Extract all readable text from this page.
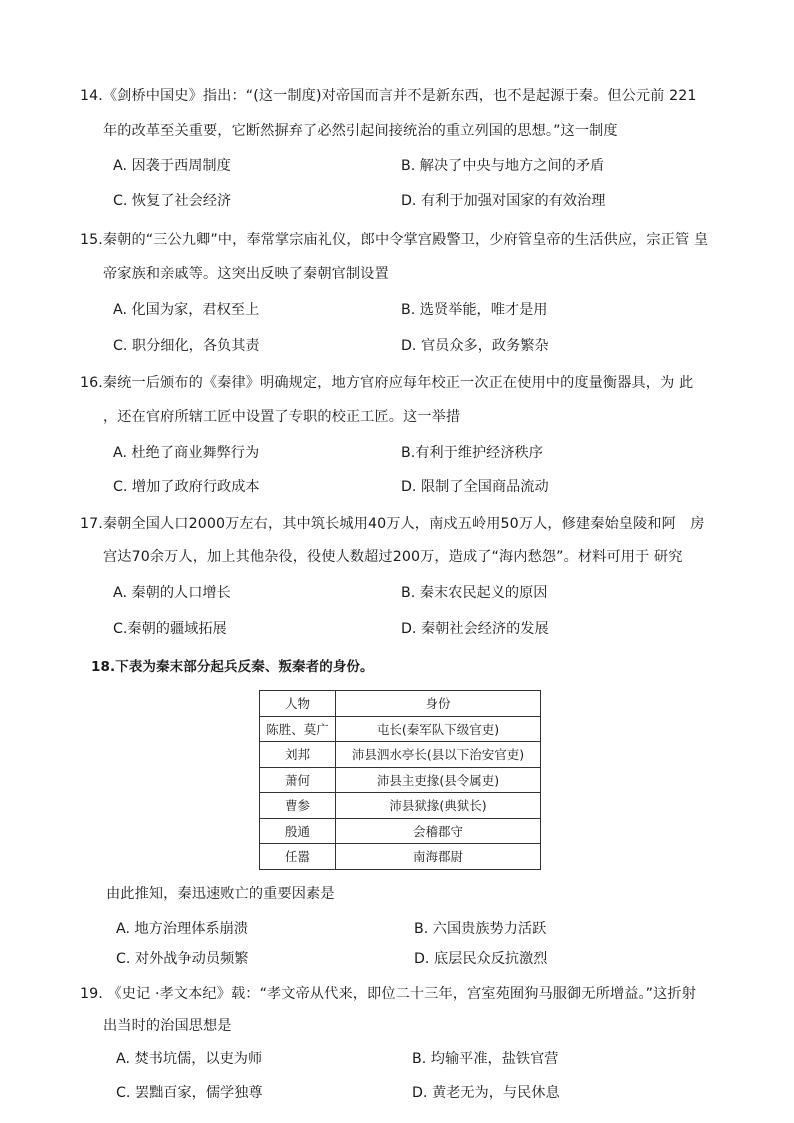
14.《剑桥中国史》指出：“(这一制度)对帝国而言并不是新东西，也不是起源于秦。但公元前 221
年的改革至关重要，它断然摒弃了必然引起间接统治的重立列国的思想。”这一制度
A. 因袭于西周制度	B. 解决了中央与地方之间的矛盾
C. 恢复了社会经济	D. 有利于加强对国家的有效治理
15.秦朝的“三公九卿”中，奉常掌宗庙礼仪，郎中令掌宫殿警卫，少府管皇帝的生活供应，宗正管 皇
帝家族和亲戚等。这突出反映了秦朝官制设置
A. 化国为家，君权至上	B. 选贤举能，唯才是用
C. 职分细化，各负其责	D. 官员众多，政务繁杂
16.秦统一后颁布的《秦律》明确规定，地方官府应每年校正一次正在使用中的度量衡器具，为 此
，还在官府所辖工匠中设置了专职的校正工匠。这一举措
A. 杜绝了商业舞弊行为	B.有利于维护经济秩序
C. 增加了政府行政成本	D. 限制了全国商品流动
17.秦朝全国人口2000万左右，其中筑长城用40万人，南戍五岭用50万人，修建秦始皇陵和阿　房
宫达70余万人，加上其他杂役，役使人数超过200万，造成了“海内愁怨”。材料可用于 研究
A. 秦朝的人口增长	B. 秦末农民起义的原因
C.秦朝的疆域拓展	D. 秦朝社会经济的发展
18.下表为秦末部分起兵反秦、叛秦者的身份。
人物	身份
陈胜、莫广	屯长(秦军队下级官吏)
刘邦	沛县泗水亭长(县以下治安官吏)
萧何	沛县主吏掾(县令属吏)
曹参	沛县狱掾(典狱长)
殷通	会稽郡守
任嚣	南海郡尉
由此推知，秦迅速败亡的重要因素是
A. 地方治理体系崩溃	B. 六国贵族势力活跃
C. 对外战争动员频繁	D. 底层民众反抗激烈
19. 《史记 ·孝文本纪》载：“孝文帝从代来，即位二十三年，宫室苑囿狗马服御无所增益。”这折射
出当时的治国思想是
A. 焚书坑儒，以吏为师	B. 均输平准，盐铁官营
C. 罢黜百家，儒学独尊	D. 黄老无为，与民休息
